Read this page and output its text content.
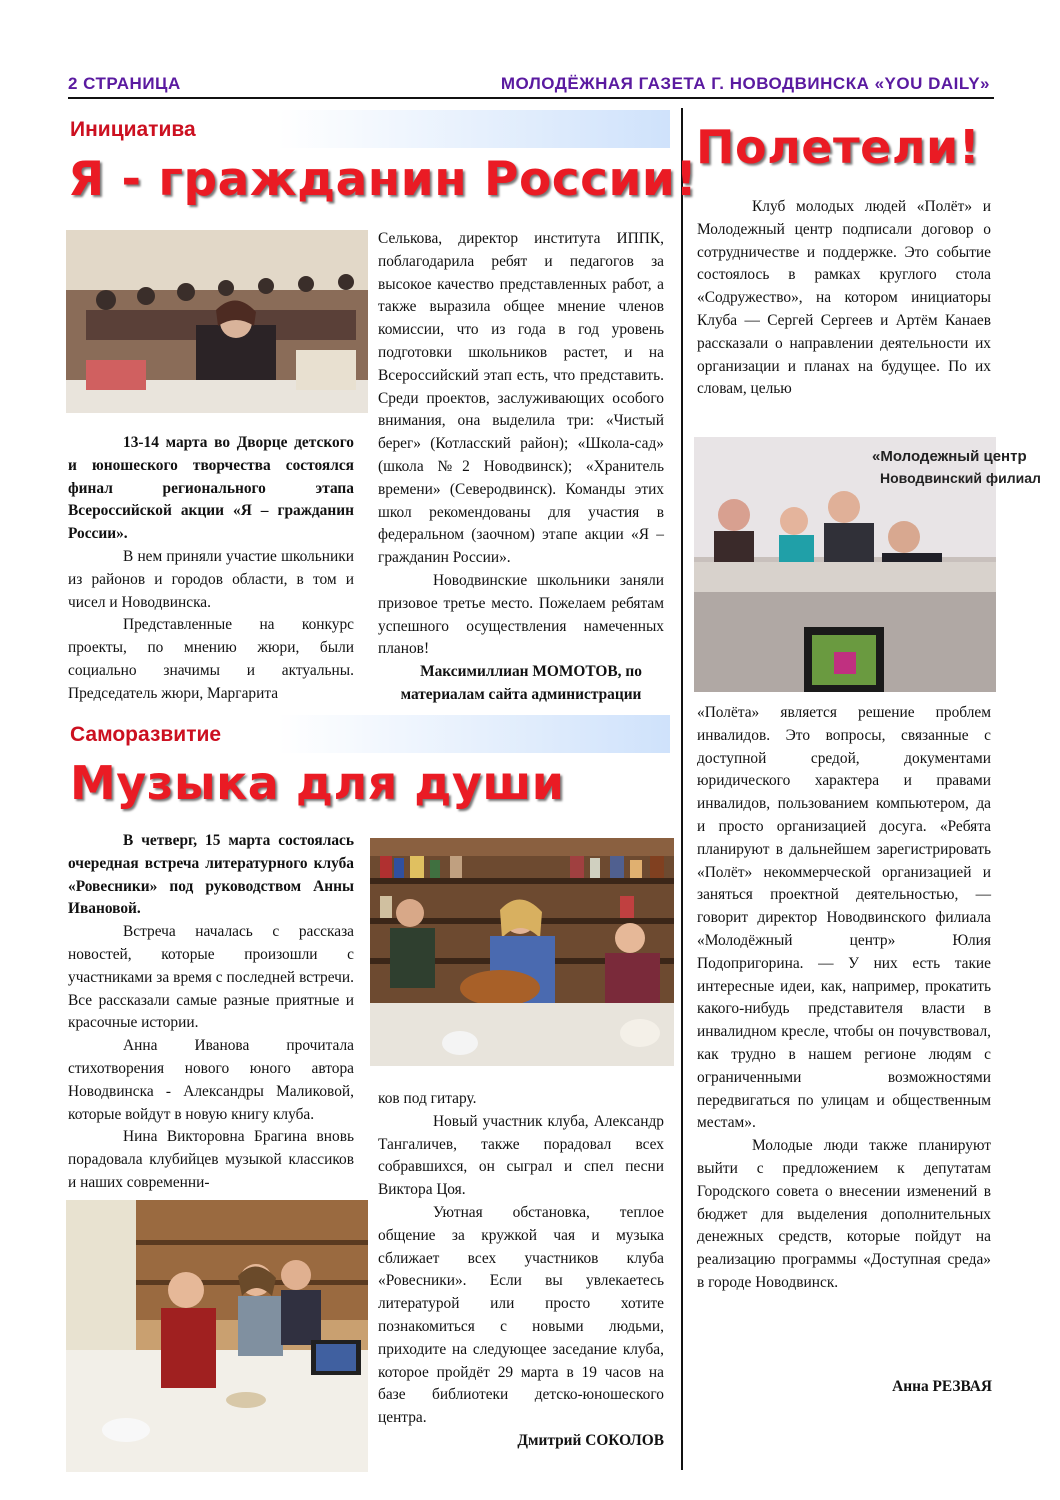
2 СТРАНИЦА	МОЛОДЁЖНАЯ ГАЗЕТА Г. НОВОДВИНСКА «YOU DAILY»
Инициатива
Я - гражданин России!

13-14 марта во Дворце детского и юношеского творчества состоялся финал регионального этапа Всероссийской акции «Я – гражданин России».

В нем приняли участие школьники из районов и городов области, в том и чисел и Новодвинска.

Представленные на конкурс проекты, по мнению жюри, были социально значимы и актуальны. Председатель жюри, Маргарита

Селькова, директор института ИППК, поблагодарила ребят и педагогов за высокое качество представленных работ, а также выразила общее мнение членов комиссии, что из года в год уровень подготовки школьников растет, и на Всероссийский этап есть, что представить. Среди проектов, заслуживающих особого внимания, она выделила три: «Чистый берег» (Котласский район); «Школа-сад» (школа №2 Новодвинск); «Хранитель времени» (Северодвинск). Команды этих школ рекомендованы для участия в федеральном (заочном) этапе акции «Я – гражданин России».

Новодвинские школьники заняли призовое третье место. Пожелаем ребятам успешного осуществления намеченных планов!

Максимиллиан МОМОТОВ, по материалам сайта администрации

Саморазвитие
Музыка для души

В четверг, 15 марта состоялась очередная встреча литературного клуба «Ровесники» под руководством Анны Ивановой.

Встреча началась с рассказа новостей, которые произошли с участниками за время с последней встречи. Все рассказали самые разные приятные и красочные истории.

Анна Иванова прочитала стихотворения нового юного автора Новодвинска - Александры Маликовой, которые войдут в новую книгу клуба.

Нина Викторовна Брагина вновь порадовала клубийцев музыкой классиков и наших современни-

ков под гитару.

Новый участник клуба, Александр Тангаличев, также порадовал всех собравшихся, он сыграл и спел песни Виктора Цоя.

Уютная обстановка, теплое общение за кружкой чая и музыка сближает всех участников клуба «Ровесники». Если вы увлекаетесь литературой или просто хотите познакомиться с новыми людьми, приходите на следующее заседание клуба, которое пройдёт 29 марта в 19 часов на базе библиотеки детско-юношеского центра.

Дмитрий СОКОЛОВ

Полетели!

Клуб молодых людей «Полёт» и Молодежный центр подписали договор о сотрудничестве и поддержке. Это событие состоялось в рамках круглого стола «Содружество», на котором инициаторы Клуба — Сергей Сергеев и Артём Канаев рассказали о направлении деятельности их организации и планах на будущее. По их словам, целью

«Молодежный центр
Новодвинский филиал

«Полёта» является решение проблем инвалидов. Это вопросы, связанные с доступной средой, документами юридического характера и правами инвалидов, пользованием компьютером, да и просто организацией досуга. «Ребята планируют в дальнейшем зарегистрировать «Полёт» некоммерческой организацией и заняться проектной деятельностью, — говорит директор Новодвинского филиала «Молодёжный центр» Юлия Подопригорина. — У них есть такие интересные идеи, как, например, прокатить какого-нибудь представителя власти в инвалидном кресле, чтобы он почувствовал, как трудно в нашем регионе людям с ограниченными возможностями передвигаться по улицам и общественным местам».

Молодые люди также планируют выйти с предложением к депутатам Городского совета о внесении изменений в бюджет для выделения дополнительных денежных средств, которые пойдут на реализацию программы «Доступная среда» в городе Новодвинск.

Анна РЕЗВАЯ
